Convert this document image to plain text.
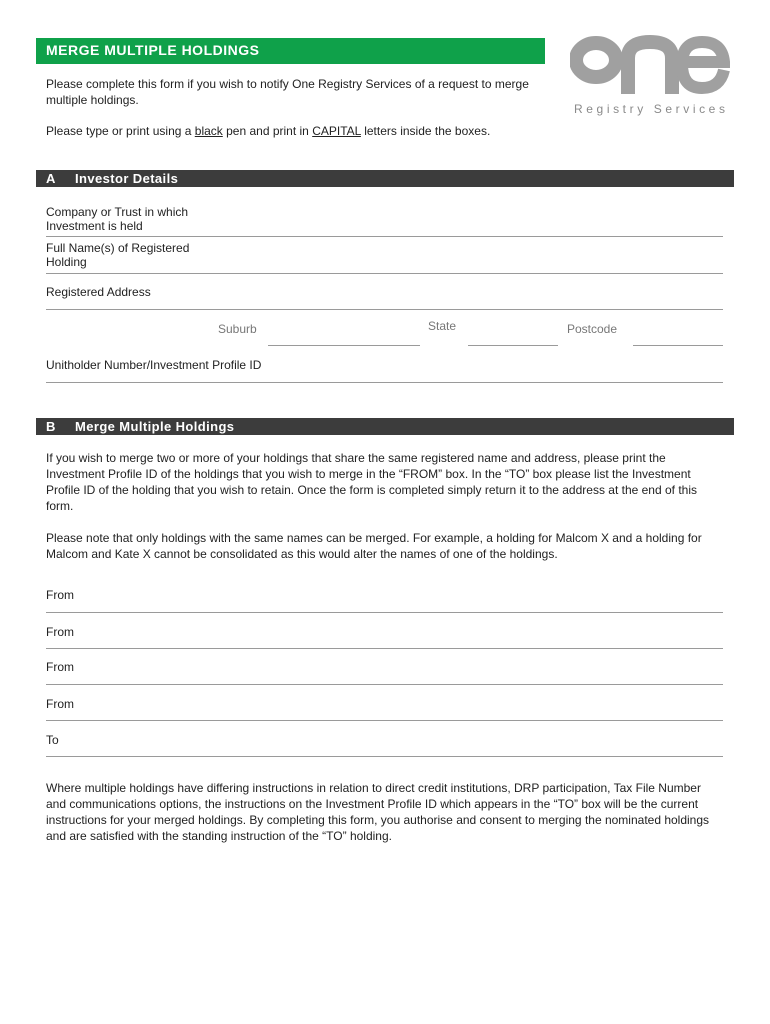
MERGE MULTIPLE HOLDINGS
Please complete this form if you wish to notify One Registry Services of a request to merge multiple holdings.
Please type or print using a black pen and print in CAPITAL letters inside the boxes.
Registry Services
A Investor Details
Company or Trust in which Investment is held
Full Name(s) of Registered Holding
Registered Address
Suburb	State	Postcode
Unitholder Number/Investment Profile ID
B Merge Multiple Holdings
If you wish to merge two or more of your holdings that share the same registered name and address, please print the Investment Profile ID of the holdings that you wish to merge in the “FROM” box. In the “TO” box please list the Investment Profile ID of the holding that you wish to retain. Once the form is completed simply return it to the address at the end of this form.
Please note that only holdings with the same names can be merged. For example, a holding for Malcom X and a holding for Malcom and Kate X cannot be consolidated as this would alter the names of one of the holdings.
From
From
From
From
To
Where multiple holdings have differing instructions in relation to direct credit institutions, DRP participation, Tax File Number and communications options, the instructions on the Investment Profile ID which appears in the “TO” box will be the current instructions for your merged holdings. By completing this form, you authorise and consent to merging the nominated holdings and are satisfied with the standing instruction of the “TO” holding.
